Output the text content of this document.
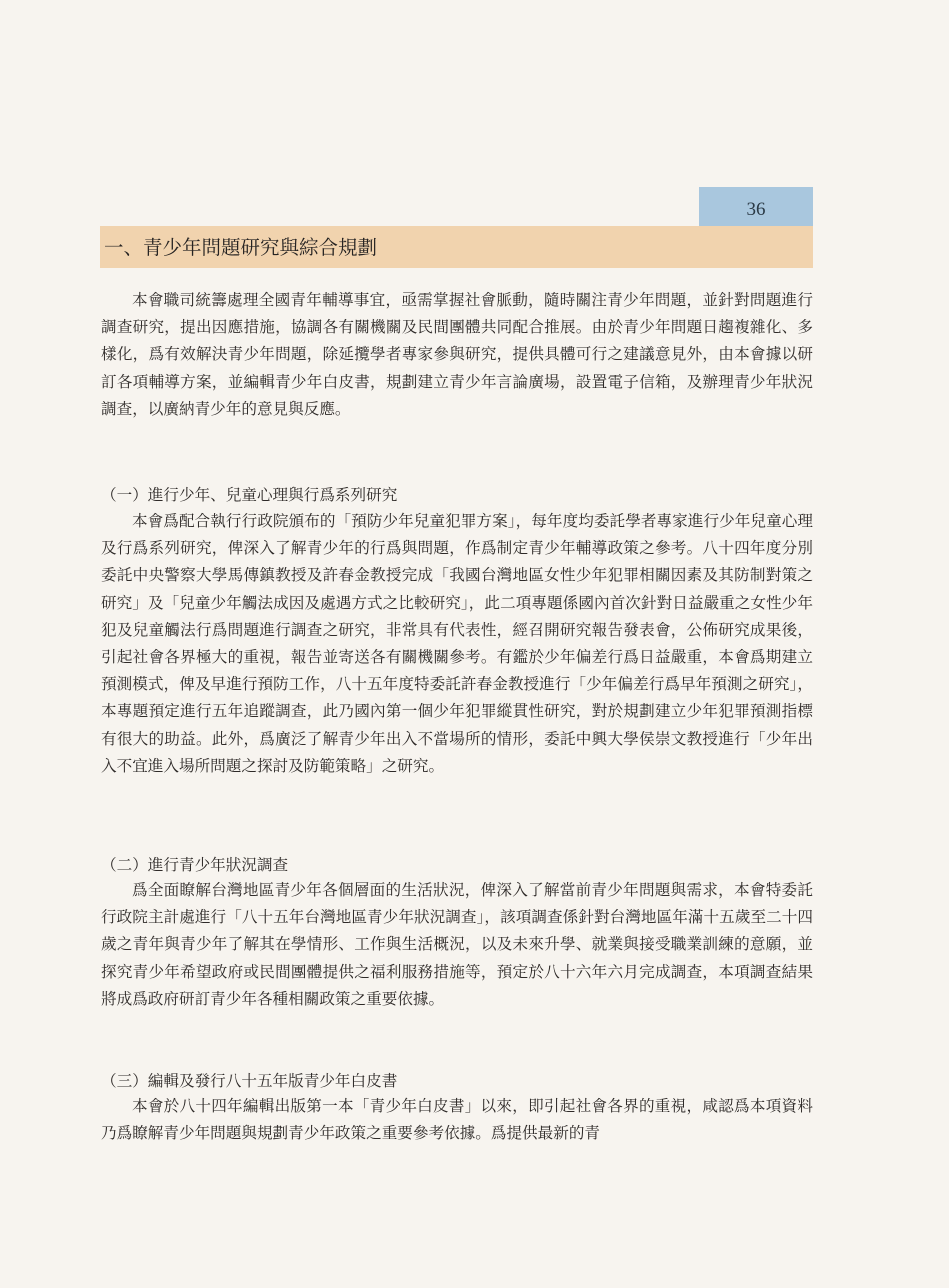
36
一、青少年問題研究與綜合規劃

本會職司統籌處理全國青年輔導事宜，亟需掌握社會脈動，隨時關注青少年問題，並針對問題進行調查研究，提出因應措施，協調各有關機關及民間團體共同配合推展。由於青少年問題日趨複雜化、多樣化，爲有效解決青少年問題，除延攬學者專家參與研究，提供具體可行之建議意見外，由本會據以研訂各項輔導方案，並編輯青少年白皮書，規劃建立青少年言論廣場，設置電子信箱，及辦理青少年狀況調查，以廣納青少年的意見與反應。

（一）進行少年、兒童心理與行爲系列研究

本會爲配合執行行政院頒布的「預防少年兒童犯罪方案」，每年度均委託學者專家進行少年兒童心理及行爲系列研究，俾深入了解青少年的行爲與問題，作爲制定青少年輔導政策之參考。八十四年度分別委託中央警察大學馬傳鎮教授及許春金教授完成「我國台灣地區女性少年犯罪相關因素及其防制對策之研究」及「兒童少年觸法成因及處遇方式之比較研究」，此二項專題係國內首次針對日益嚴重之女性少年犯及兒童觸法行爲問題進行調查之研究，非常具有代表性，經召開研究報告發表會，公佈研究成果後，引起社會各界極大的重視，報告並寄送各有關機關參考。有鑑於少年偏差行爲日益嚴重，本會爲期建立預測模式，俾及早進行預防工作，八十五年度特委託許春金教授進行「少年偏差行爲早年預測之研究」，本專題預定進行五年追蹤調查，此乃國內第一個少年犯罪縱貫性研究，對於規劃建立少年犯罪預測指標有很大的助益。此外，爲廣泛了解青少年出入不當場所的情形，委託中興大學侯崇文教授進行「少年出入不宜進入場所問題之探討及防範策略」之研究。

（二）進行青少年狀況調查

爲全面瞭解台灣地區青少年各個層面的生活狀況，俾深入了解當前青少年問題與需求，本會特委託行政院主計處進行「八十五年台灣地區青少年狀況調查」，該項調查係針對台灣地區年滿十五歲至二十四歲之青年與青少年了解其在學情形、工作與生活概況，以及未來升學、就業與接受職業訓練的意願，並探究青少年希望政府或民間團體提供之福利服務措施等，預定於八十六年六月完成調查，本項調查結果將成爲政府研訂青少年各種相關政策之重要依據。

（三）編輯及發行八十五年版青少年白皮書

本會於八十四年編輯出版第一本「青少年白皮書」以來，即引起社會各界的重視，咸認爲本項資料乃爲瞭解青少年問題與規劃青少年政策之重要參考依據。爲提供最新的青
